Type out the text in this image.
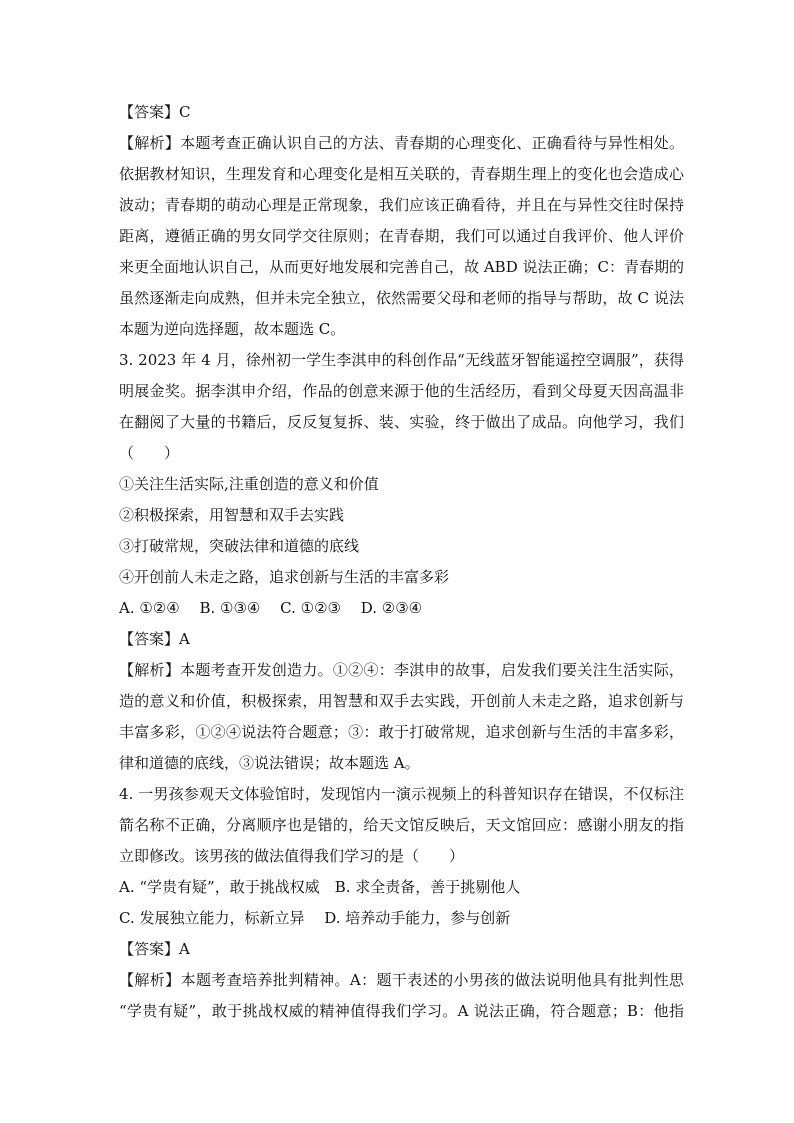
【答案】C
【解析】本题考查正确认识自己的方法、青春期的心理变化、正确看待与异性相处。
依据教材知识，生理发育和心理变化是相互关联的，青春期生理上的变化也会造成心
波动；青春期的萌动心理是正常现象，我们应该正确看待，并且在与异性交往时保持
距离，遵循正确的男女同学交往原则；在青春期，我们可以通过自我评价、他人评价
来更全面地认识自己，从而更好地发展和完善自己，故 ABD 说法正确；C：青春期的
虽然逐渐走向成熟，但并未完全独立，依然需要父母和老师的指导与帮助，故 C 说法
本题为逆向选择题，故本题选 C。
3. 2023 年 4 月，徐州初一学生李淇申的科创作品“无线蓝牙智能遥控空调服”，获得
明展金奖。据李淇申介绍，作品的创意来源于他的生活经历，看到父母夏天因高温非
在翻阅了大量的书籍后，反反复复拆、装、实验，终于做出了成品。向他学习，我们
（　　）
①关注生活实际,注重创造的意义和价值
②积极探索，用智慧和双手去实践
③打破常规，突破法律和道德的底线
④开创前人未走之路，追求创新与生活的丰富多彩
A. ①②④　 B. ①③④　 C. ①②③　 D. ②③④
【答案】A
【解析】本题考查开发创造力。①②④：李淇申的故事，启发我们要关注生活实际，
造的意义和价值，积极探索，用智慧和双手去实践，开创前人未走之路，追求创新与
丰富多彩，①②④说法符合题意；③：敢于打破常规，追求创新与生活的丰富多彩，
律和道德的底线，③说法错误；故本题选 A。
4. 一男孩参观天文体验馆时，发现馆内一演示视频上的科普知识存在错误，不仅标注
箭名称不正确，分离顺序也是错的，给天文馆反映后，天文馆回应：感谢小朋友的指
立即修改。该男孩的做法值得我们学习的是（　　）
A. “学贵有疑”，敢于挑战权威　B. 求全责备，善于挑剔他人
C. 发展独立能力，标新立异　 D. 培养动手能力，参与创新
【答案】A
【解析】本题考查培养批判精神。A：题干表述的小男孩的做法说明他具有批判性思
“学贵有疑”，敢于挑战权威的精神值得我们学习。A 说法正确，符合题意；B：他指
